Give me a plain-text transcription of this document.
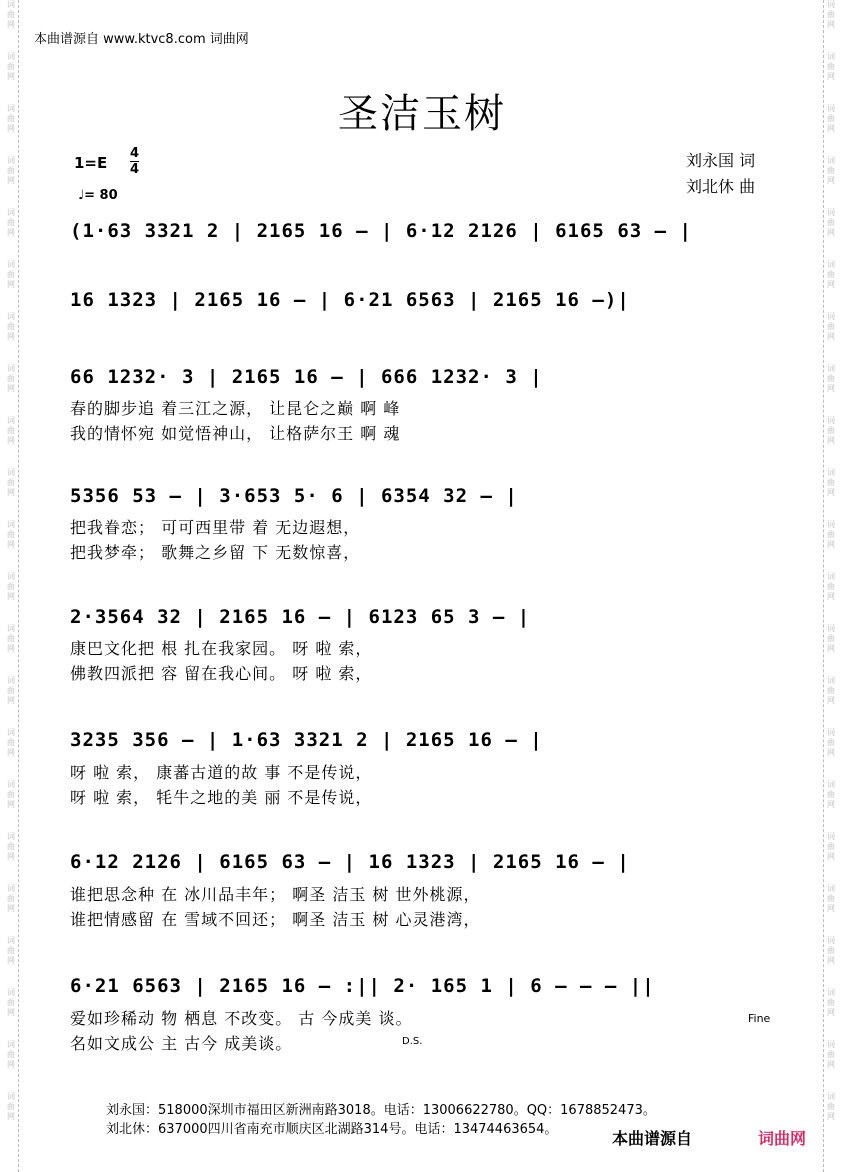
词曲网
词曲网
词曲网
词曲网
词曲网
词曲网
词曲网
词曲网
词曲网
词曲网
词曲网
词曲网
词曲网
词曲网
词曲网
词曲网
词曲网
词曲网
词曲网
词曲网
词曲网
词曲网
词曲网
词曲网
词曲网
词曲网
词曲网
词曲网
词曲网
词曲网
词曲网
词曲网
词曲网
词曲网
词曲网
词曲网
词曲网
词曲网
词曲网
词曲网
词曲网
词曲网
词曲网
词曲网
本曲谱源自 www.ktvc8.com 词曲网
圣洁玉树
1=E
4
4
♩= 80
刘永国 词
刘北休 曲
(1·63 3321 2 | 2165 16 — | 6·12 2126 | 6165 63 — |
16 1323 | 2165 16 — | 6·21 6563 | 2165 16 —)|
66 1232· 3 | 2165 16 — | 666 1232· 3 |
春的脚步追 着三江之源， 让昆仑之巅 啊 峰
我的情怀宛 如觉悟神山， 让格萨尔王 啊 魂
5356 53 — | 3·653 5· 6 | 6354 32 — |
把我眷恋； 可可西里带 着 无边遐想，
把我梦牵； 歌舞之乡留 下 无数惊喜，
2·3564 32 | 2165 16 — | 6123 65 3 — |
康巴文化把 根 扎在我家园。 呀 啦 索，
佛教四派把 容 留在我心间。 呀 啦 索，
3235 356 — | 1·63 3321 2 | 2165 16 — |
呀 啦 索， 康蕃古道的故 事 不是传说，
呀 啦 索， 牦牛之地的美 丽 不是传说，
6·12 2126 | 6165 63 — | 16 1323 | 2165 16 — |
谁把思念种 在 冰川品丰年； 啊圣 洁玉 树 世外桃源，
谁把情感留 在 雪域不回还； 啊圣 洁玉 树 心灵港湾，
6·21 6563 | 2165 16 — :|| 2· 165 1 | 6 — — — ||
爱如珍稀动 物 栖息 不改变。 古 今成美 谈。
名如文成公 主 古今 成美谈。
Fine
D.S.
刘永国：518000深圳市福田区新洲南路3018。电话：13006622780。QQ：1678852473。
刘北休：637000四川省南充市顺庆区北湖路314号。电话：13474463654。	本曲谱源自	词曲网
